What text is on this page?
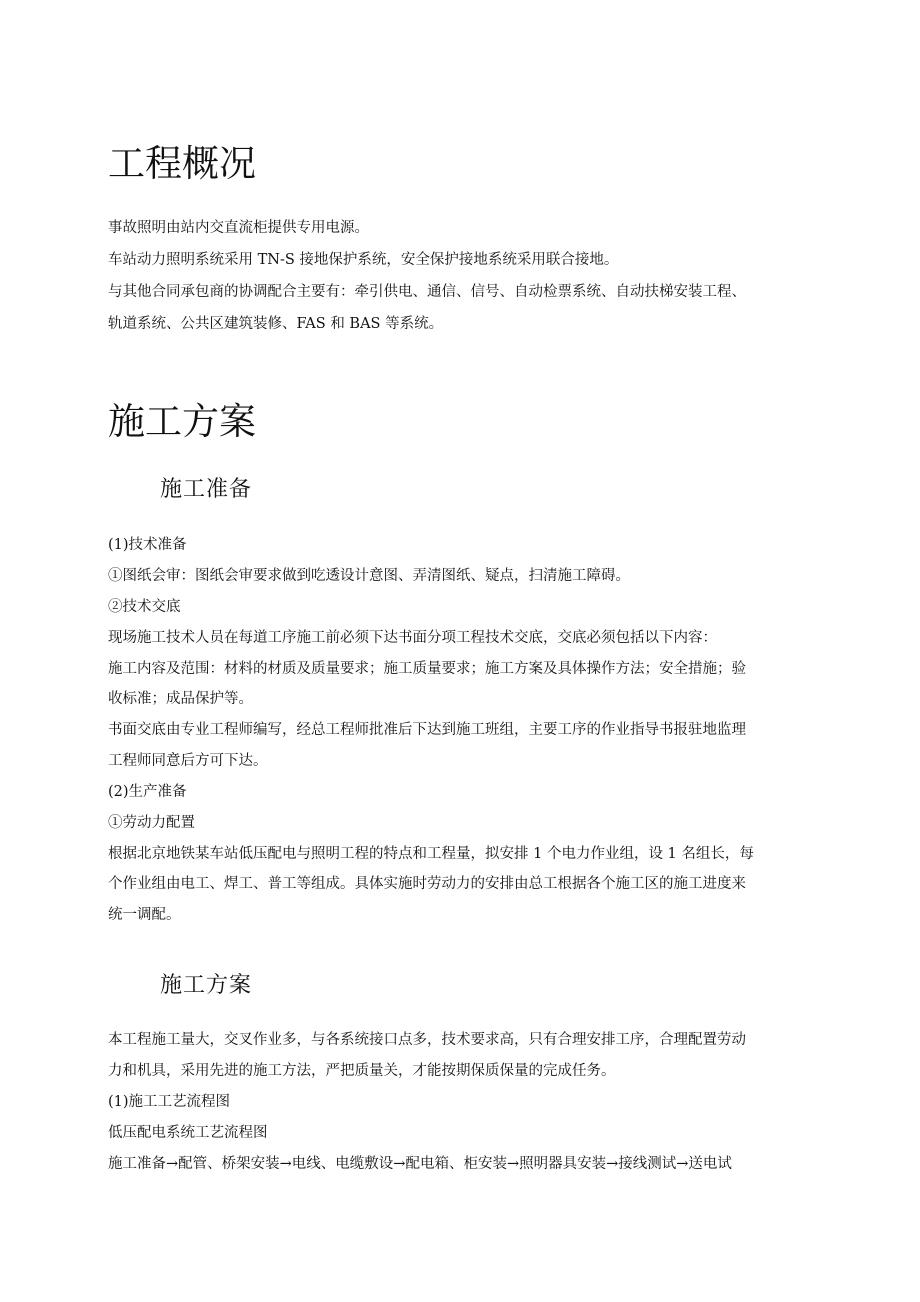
工程概况

事故照明由站内交直流柜提供专用电源。

车站动力照明系统采用 TN-S 接地保护系统，安全保护接地系统采用联合接地。

与其他合同承包商的协调配合主要有：牵引供电、通信、信号、自动检票系统、自动扶梯安装工程、

轨道系统、公共区建筑装修、FAS 和 BAS 等系统。

施工方案
施工准备

(1)技术准备

①图纸会审：图纸会审要求做到吃透设计意图、弄清图纸、疑点，扫清施工障碍。

②技术交底

现场施工技术人员在每道工序施工前必须下达书面分项工程技术交底，交底必须包括以下内容：

施工内容及范围：材料的材质及质量要求；施工质量要求；施工方案及具体操作方法；安全措施；验

收标准；成品保护等。

书面交底由专业工程师编写，经总工程师批准后下达到施工班组，主要工序的作业指导书报驻地监理

工程师同意后方可下达。

(2)生产准备

①劳动力配置

根据北京地铁某车站低压配电与照明工程的特点和工程量，拟安排 1 个电力作业组，设 1 名组长，每

个作业组由电工、焊工、普工等组成。具体实施时劳动力的安排由总工根据各个施工区的施工进度来

统一调配。

施工方案

本工程施工量大，交叉作业多，与各系统接口点多，技术要求高，只有合理安排工序，合理配置劳动

力和机具，采用先进的施工方法，严把质量关，才能按期保质保量的完成任务。

(1)施工工艺流程图

低压配电系统工艺流程图

施工准备→配管、桥架安装→电线、电缆敷设→配电箱、柜安装→照明器具安装→接线测试→送电试
